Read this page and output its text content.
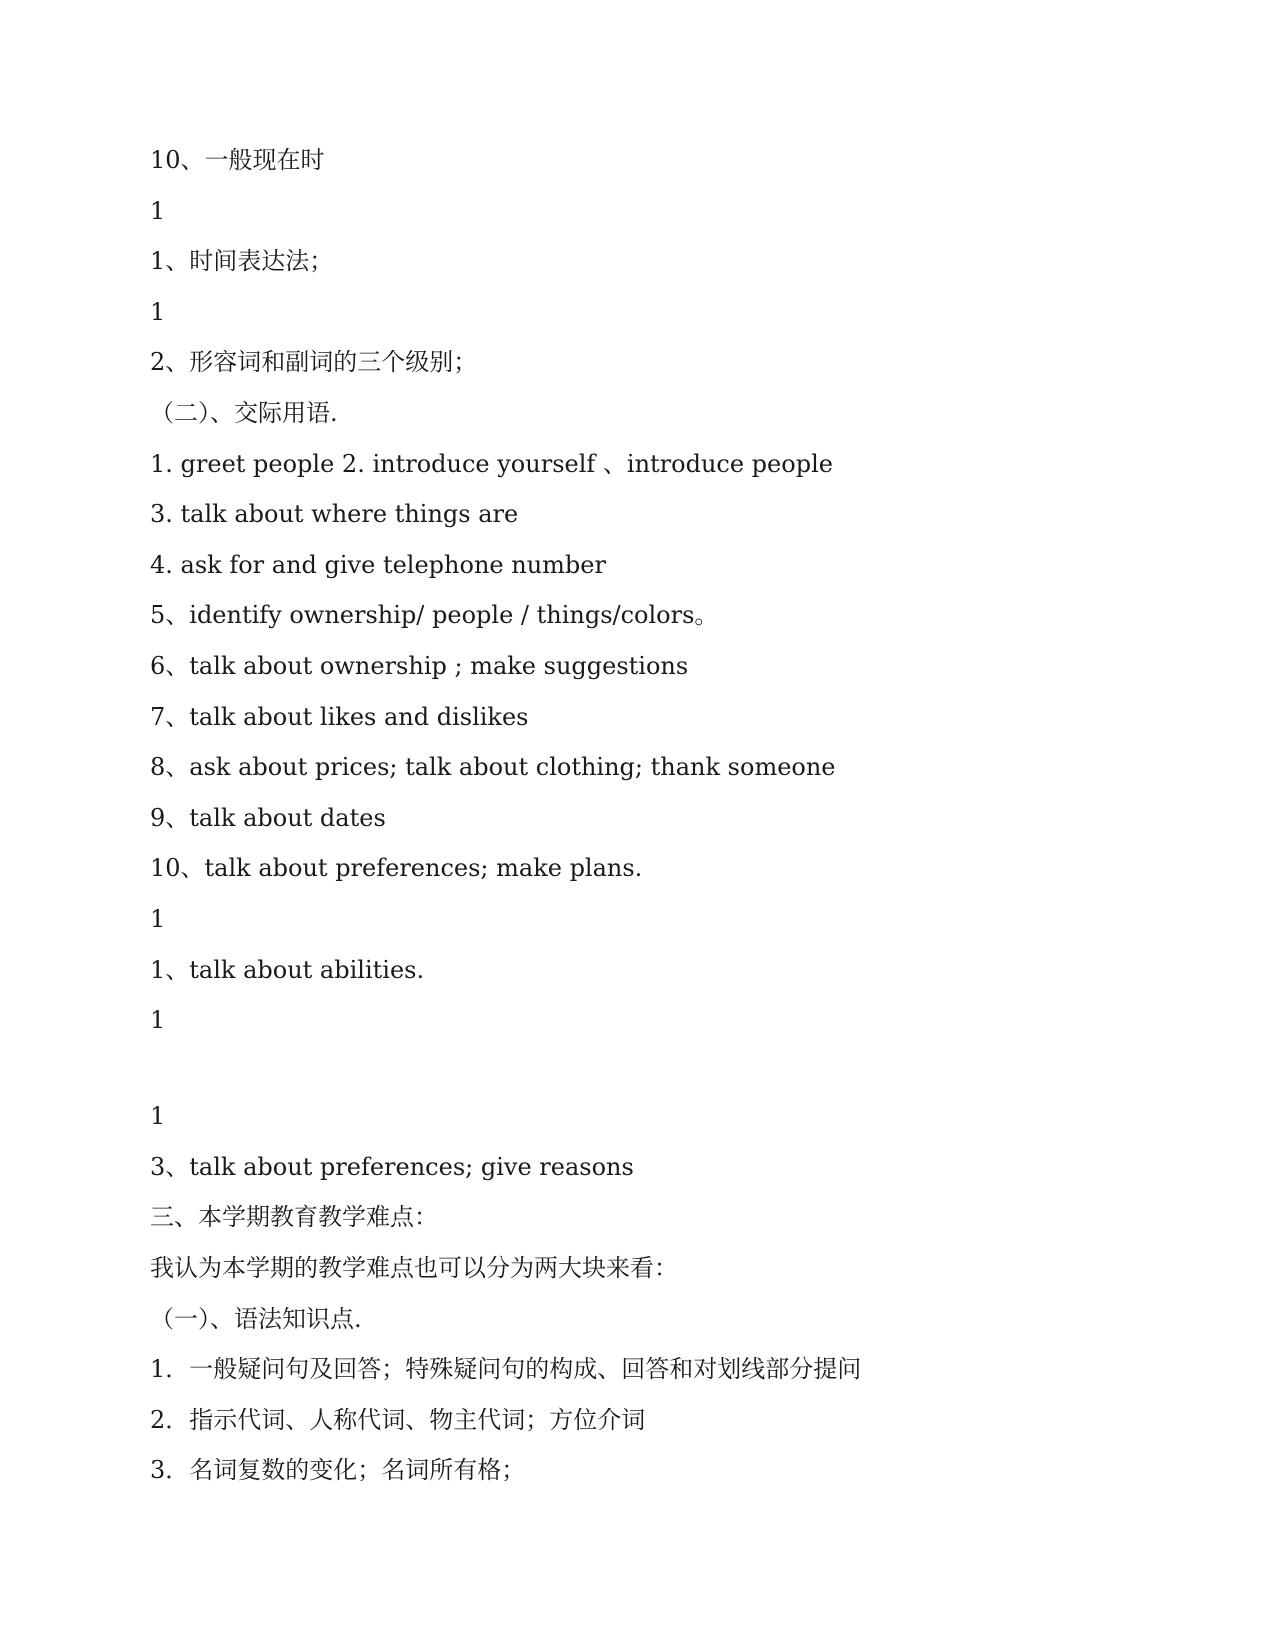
10、一般现在时
1
1、时间表达法；
1
2、形容词和副词的三个级别；
（二）、交际用语.
1. greet people 2. introduce yourself 、introduce people
3. talk about where things are
4. ask for and give telephone number
5、identify ownership/ people / things/colors。
6、talk about ownership ; make suggestions
7、talk about likes and dislikes
8、ask about prices; talk about clothing; thank someone
9、talk about dates
10、talk about preferences; make plans.
1
1、talk about abilities.
1
1
3、talk about preferences; give reasons
三、本学期教育教学难点：
我认为本学期的教学难点也可以分为两大块来看：
（一）、语法知识点.
1．一般疑问句及回答；特殊疑问句的构成、回答和对划线部分提问
2．指示代词、人称代词、物主代词；方位介词
3．名词复数的变化；名词所有格；
